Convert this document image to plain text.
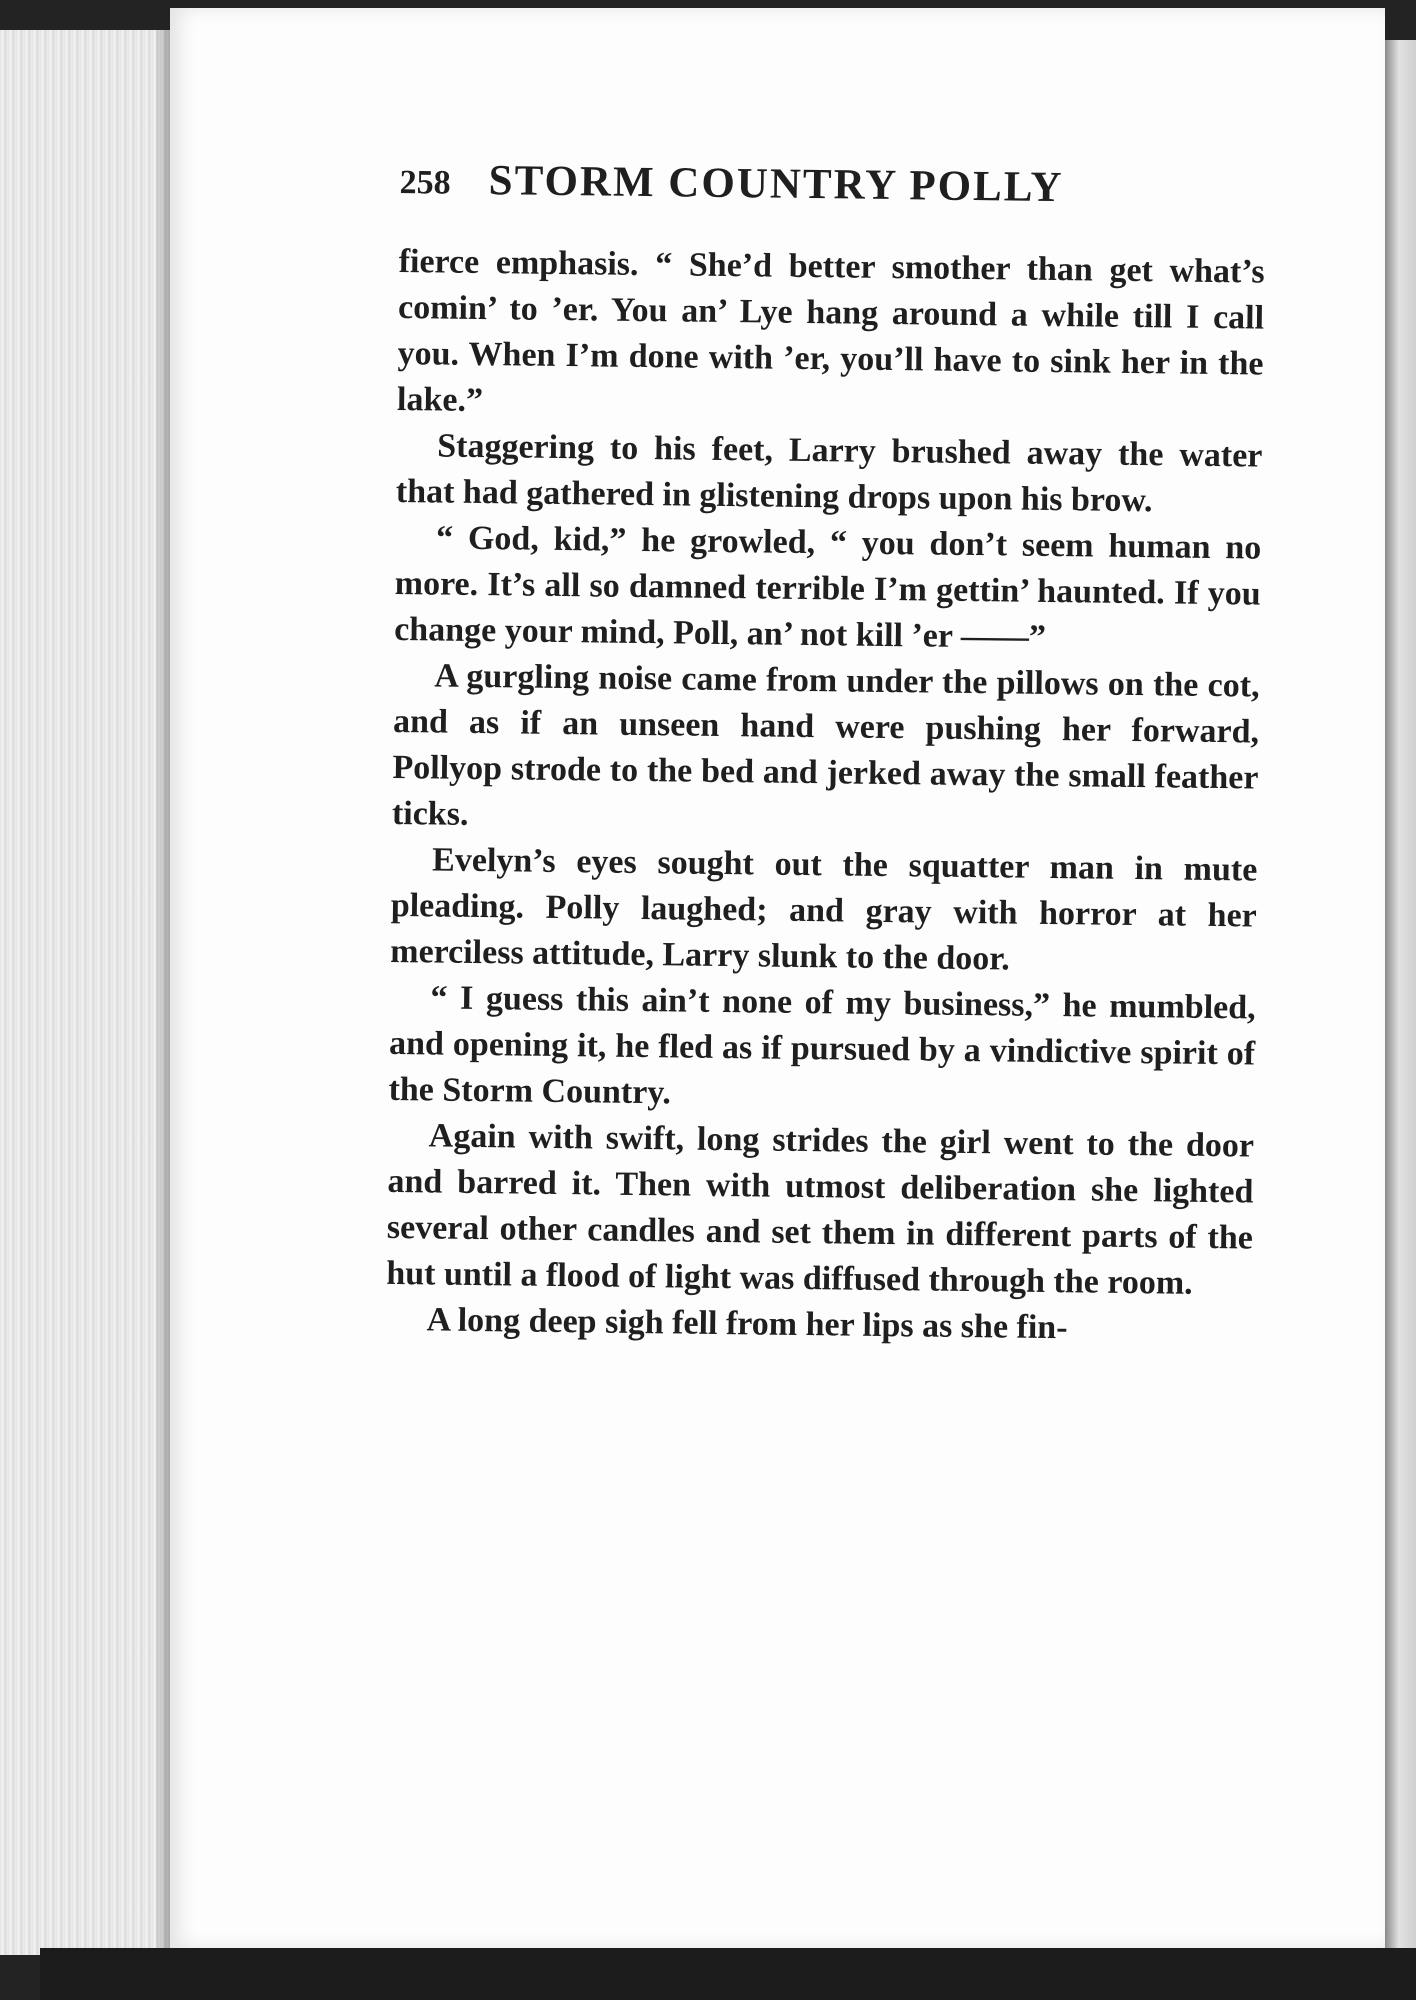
258 STORM COUNTRY POLLY

fierce emphasis. “ She’d better smother than get what’s comin’ to ’er. You an’ Lye hang around a while till I call you. When I’m done with ’er, you’ll have to sink her in the lake.”

Staggering to his feet, Larry brushed away the water that had gathered in glistening drops upon his brow.

“ God, kid,” he growled, “ you don’t seem human no more. It’s all so damned terrible I’m gettin’ haunted. If you change your mind, Poll, an’ not kill ’er ——”

A gurgling noise came from under the pillows on the cot, and as if an unseen hand were pushing her forward, Pollyop strode to the bed and jerked away the small feather ticks.

Evelyn’s eyes sought out the squatter man in mute pleading. Polly laughed; and gray with horror at her merciless attitude, Larry slunk to the door.

“ I guess this ain’t none of my business,” he mumbled, and opening it, he fled as if pursued by a vindictive spirit of the Storm Country.

Again with swift, long strides the girl went to the door and barred it. Then with utmost deliberation she lighted several other candles and set them in different parts of the hut until a flood of light was diffused through the room.

A long deep sigh fell from her lips as she fin-
